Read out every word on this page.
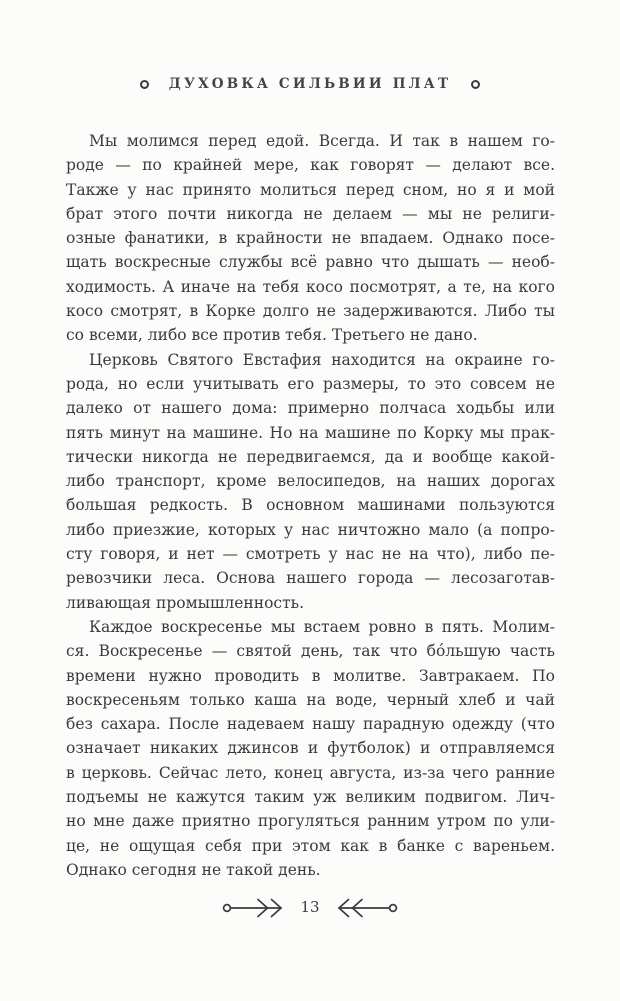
ДУХОВКА СИЛЬВИИ ПЛАТ
Мы молимся перед едой. Всегда. И так в нашем го-
роде — по крайней мере, как говорят — делают все.
Также у нас принято молиться перед сном, но я и мой
брат этого почти никогда не делаем — мы не религи-
озные фанатики, в крайности не впадаем. Однако посе-
щать воскресные службы всё равно что дышать — необ-
ходимость. А иначе на тебя косо посмотрят, а те, на кого
косо смотрят, в Корке долго не задерживаются. Либо ты
со всеми, либо все против тебя. Третьего не дано.
Церковь Святого Евстафия находится на окраине го-
рода, но если учитывать его размеры, то это совсем не
далеко от нашего дома: примерно полчаса ходьбы или
пять минут на машине. Но на машине по Корку мы прак-
тически никогда не передвигаемся, да и вообще какой-
либо транспорт, кроме велосипедов, на наших дорогах
большая редкость. В основном машинами пользуются
либо приезжие, которых у нас ничтожно мало (а попро-
сту говоря, и нет — смотреть у нас не на что), либо пе-
ревозчики леса. Основа нашего города — лесозаготав-
ливающая промышленность.
Каждое воскресенье мы встаем ровно в пять. Молим-
ся. Воскресенье — святой день, так что бо́льшую часть
времени нужно проводить в молитве. Завтракаем. По
воскресеньям только каша на воде, черный хлеб и чай
без сахара. После надеваем нашу парадную одежду (что
означает никаких джинсов и футболок) и отправляемся
в церковь. Сейчас лето, конец августа, из-за чего ранние
подъемы не кажутся таким уж великим подвигом. Лич-
но мне даже приятно прогуляться ранним утром по ули-
це, не ощущая себя при этом как в банке с вареньем.
Однако сегодня не такой день.
13
